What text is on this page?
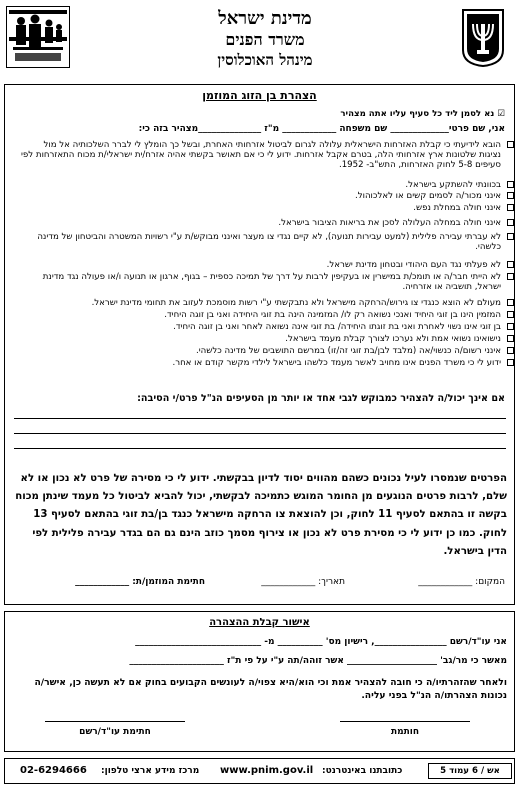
מדינת ישראל
משרד הפנים
מינהל האוכלוסין
הצהרת בן הזוג המוזמן
☑ נא לסמן ליד כל סעיף עליו אתה מצהיר
אני, שם פרטי_____________ שם משפחה ____________ מ"ז ______________מצהיר בזה כי:
הובא לידיעתי כי קבלת האזרחות הישראלית עלולה לגרום לביטול אזרחותי האחרת, ובשל כך הומלץ לי לברר השלכותיה אל מול נציגות שלטונות ארץ אזרחותי הלה, בטרם אקבל אזרחות. ידוע לי כי אם תאושר בקשתי אהיה אזרח/ית ישראלי/ת מכוח התאזרחות לפי סעיפים 5-8 לחוק האזרחות, התש"ב- 1952.
בכוונתי להשתקע בישראל.
אינני מכור/ה לסמים קשים או לאלכוהול.
אינני חולה במחלת נפש.
אינני חולה במחלה העלולה לסכן את בריאות הציבור בישראל.
לא עברתי עבירה פלילית (למעט עבירות תנועה), לא קיים נגדי צו מעצר ואינני מבוקש/ת ע"י רשויות המשטרה והביטחון של מדינה כלשהי.
לא פעלתי נגד העם היהודי ובטחון מדינת ישראל.
לא הייתי חבר/ה או תומכ/ת במישרין או בעקיפין לרבות על דרך של תמיכה כספית – בגוף, ארגון או תנועה ו/או פעולה נגד מדינת ישראל, תושביה או אזרחיה.
מעולם לא הוצא כנגדי צו גירוש/הרחקה מישראל ולא נתבקשתי ע"י רשות מוסמכת לעזוב את תחומי מדינת ישראל.
המזמין הינו בן זוגי היחיד ואנכי נשואה רק לו/ המזמינה הינה בת זוגי היחידה ואני בן זוגה היחיד.
בן זוגי אינו נשוי לאחרת ואני בת זוגתו היחידה/ בת זוגי אינה נשואה לאחר ואני בן זוגה היחיד.
נישואינו נשואי אמת ולא נערכו לצורך קבלת מעמד בישראל.
אינני רשום/ה כנשוי/אה (מלבד לבן/בת זוגי זה/זו) במרשם התושבים של מדינה כלשהי.
ידוע לי כי משרד הפנים אינו מחויב לאשר מעמד כלשהו בישראל לילדי מקשר קודם או אחר.
אם אינך יכול/ה להצהיר כמבוקש לגבי אחד או יותר מן הסעיפים הנ"ל פרט/י הסיבה:
הפרטים שנמסרו לעיל נכונים כשהם מהווים יסוד לדיון בבקשתי. ידוע לי כי מסירה של פרט לא נכון או לא שלם, לרבות פרטים הנוגעים מן החומר המוגש כתמיכה לבקשתי, יכול להביא לביטול כל מעמד שינתן מכוח בקשה זו בהתאם לסעיף 11 לחוק, וכן להוצאת צו הרחקה מישראל כנגד בן/בת זוגי בהתאם לסעיף 13 לחוק. כמו כן ידוע לי כי מסירת פרט לא נכון או צירוף מסמך כוזב הינם גם הם בגדר עבירה פלילית לפי הדין בישראל.
המקום: ____________
תאריך: ____________
חתימת המוזמן/ת: ____________
אישור קבלת ההצהרה
אני עו"ד/רשם ________________, רישיון מס' __________ מ- ____________________________
מאשר כי מר/גב' ____________________ אשר זוהה/תה ע"י על פי ת"ז _____________________
ולאחר שהזהרתיו/ה כי חובה להצהיר אמת וכי הוא/היא צפוי/ה לעונשים הקבועים בחוק אם לא תעשה כן, אישר/ה נכונות הצהרתו/ה הנ"ל בפני עליה.
חתימת עו"ד/רשם	חותמת
אש / 6 עמוד 5
כתובתנו באינטרנט:
www.pnim.gov.il
מרכז מידע ארצי טלפון:
02-6294666
